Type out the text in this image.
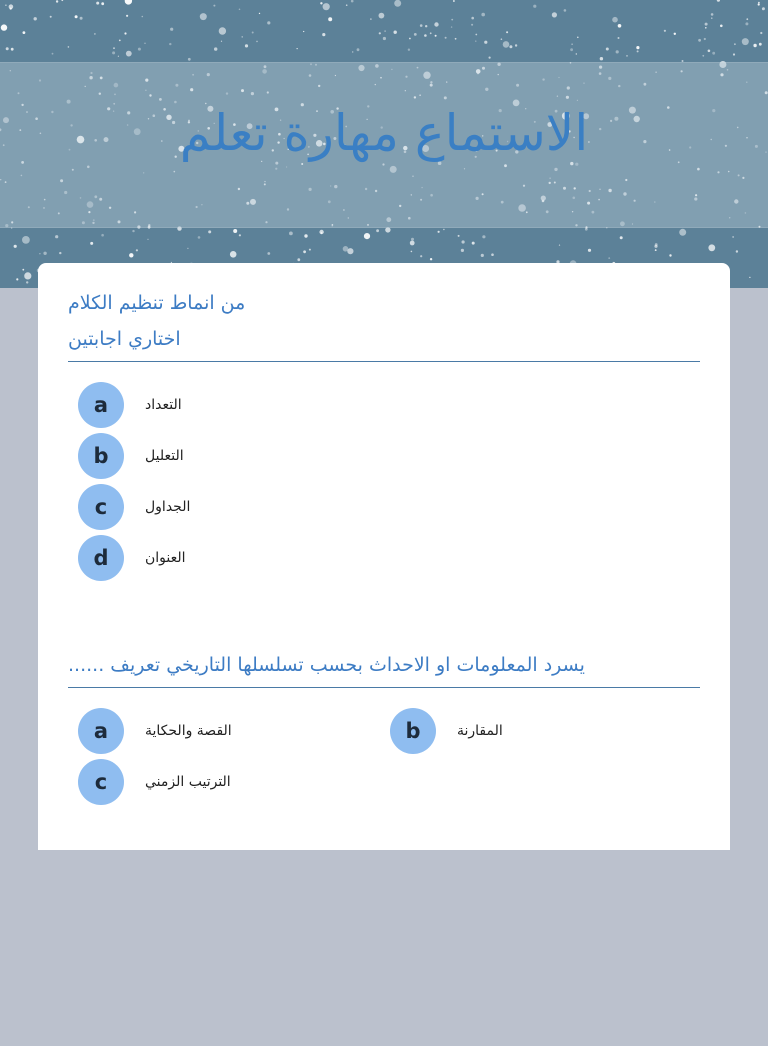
الاستماع مهارة تعلم
من انماط تنظيم الكلام
اختاري اجابتين
a	التعداد
b	التعليل
c	الجداول
d	العنوان
يسرد المعلومات او الاحداث بحسب تسلسلها التاريخي تعريف ......
a	القصة والحكاية	b	المقارنة
c	الترتيب الزمني
